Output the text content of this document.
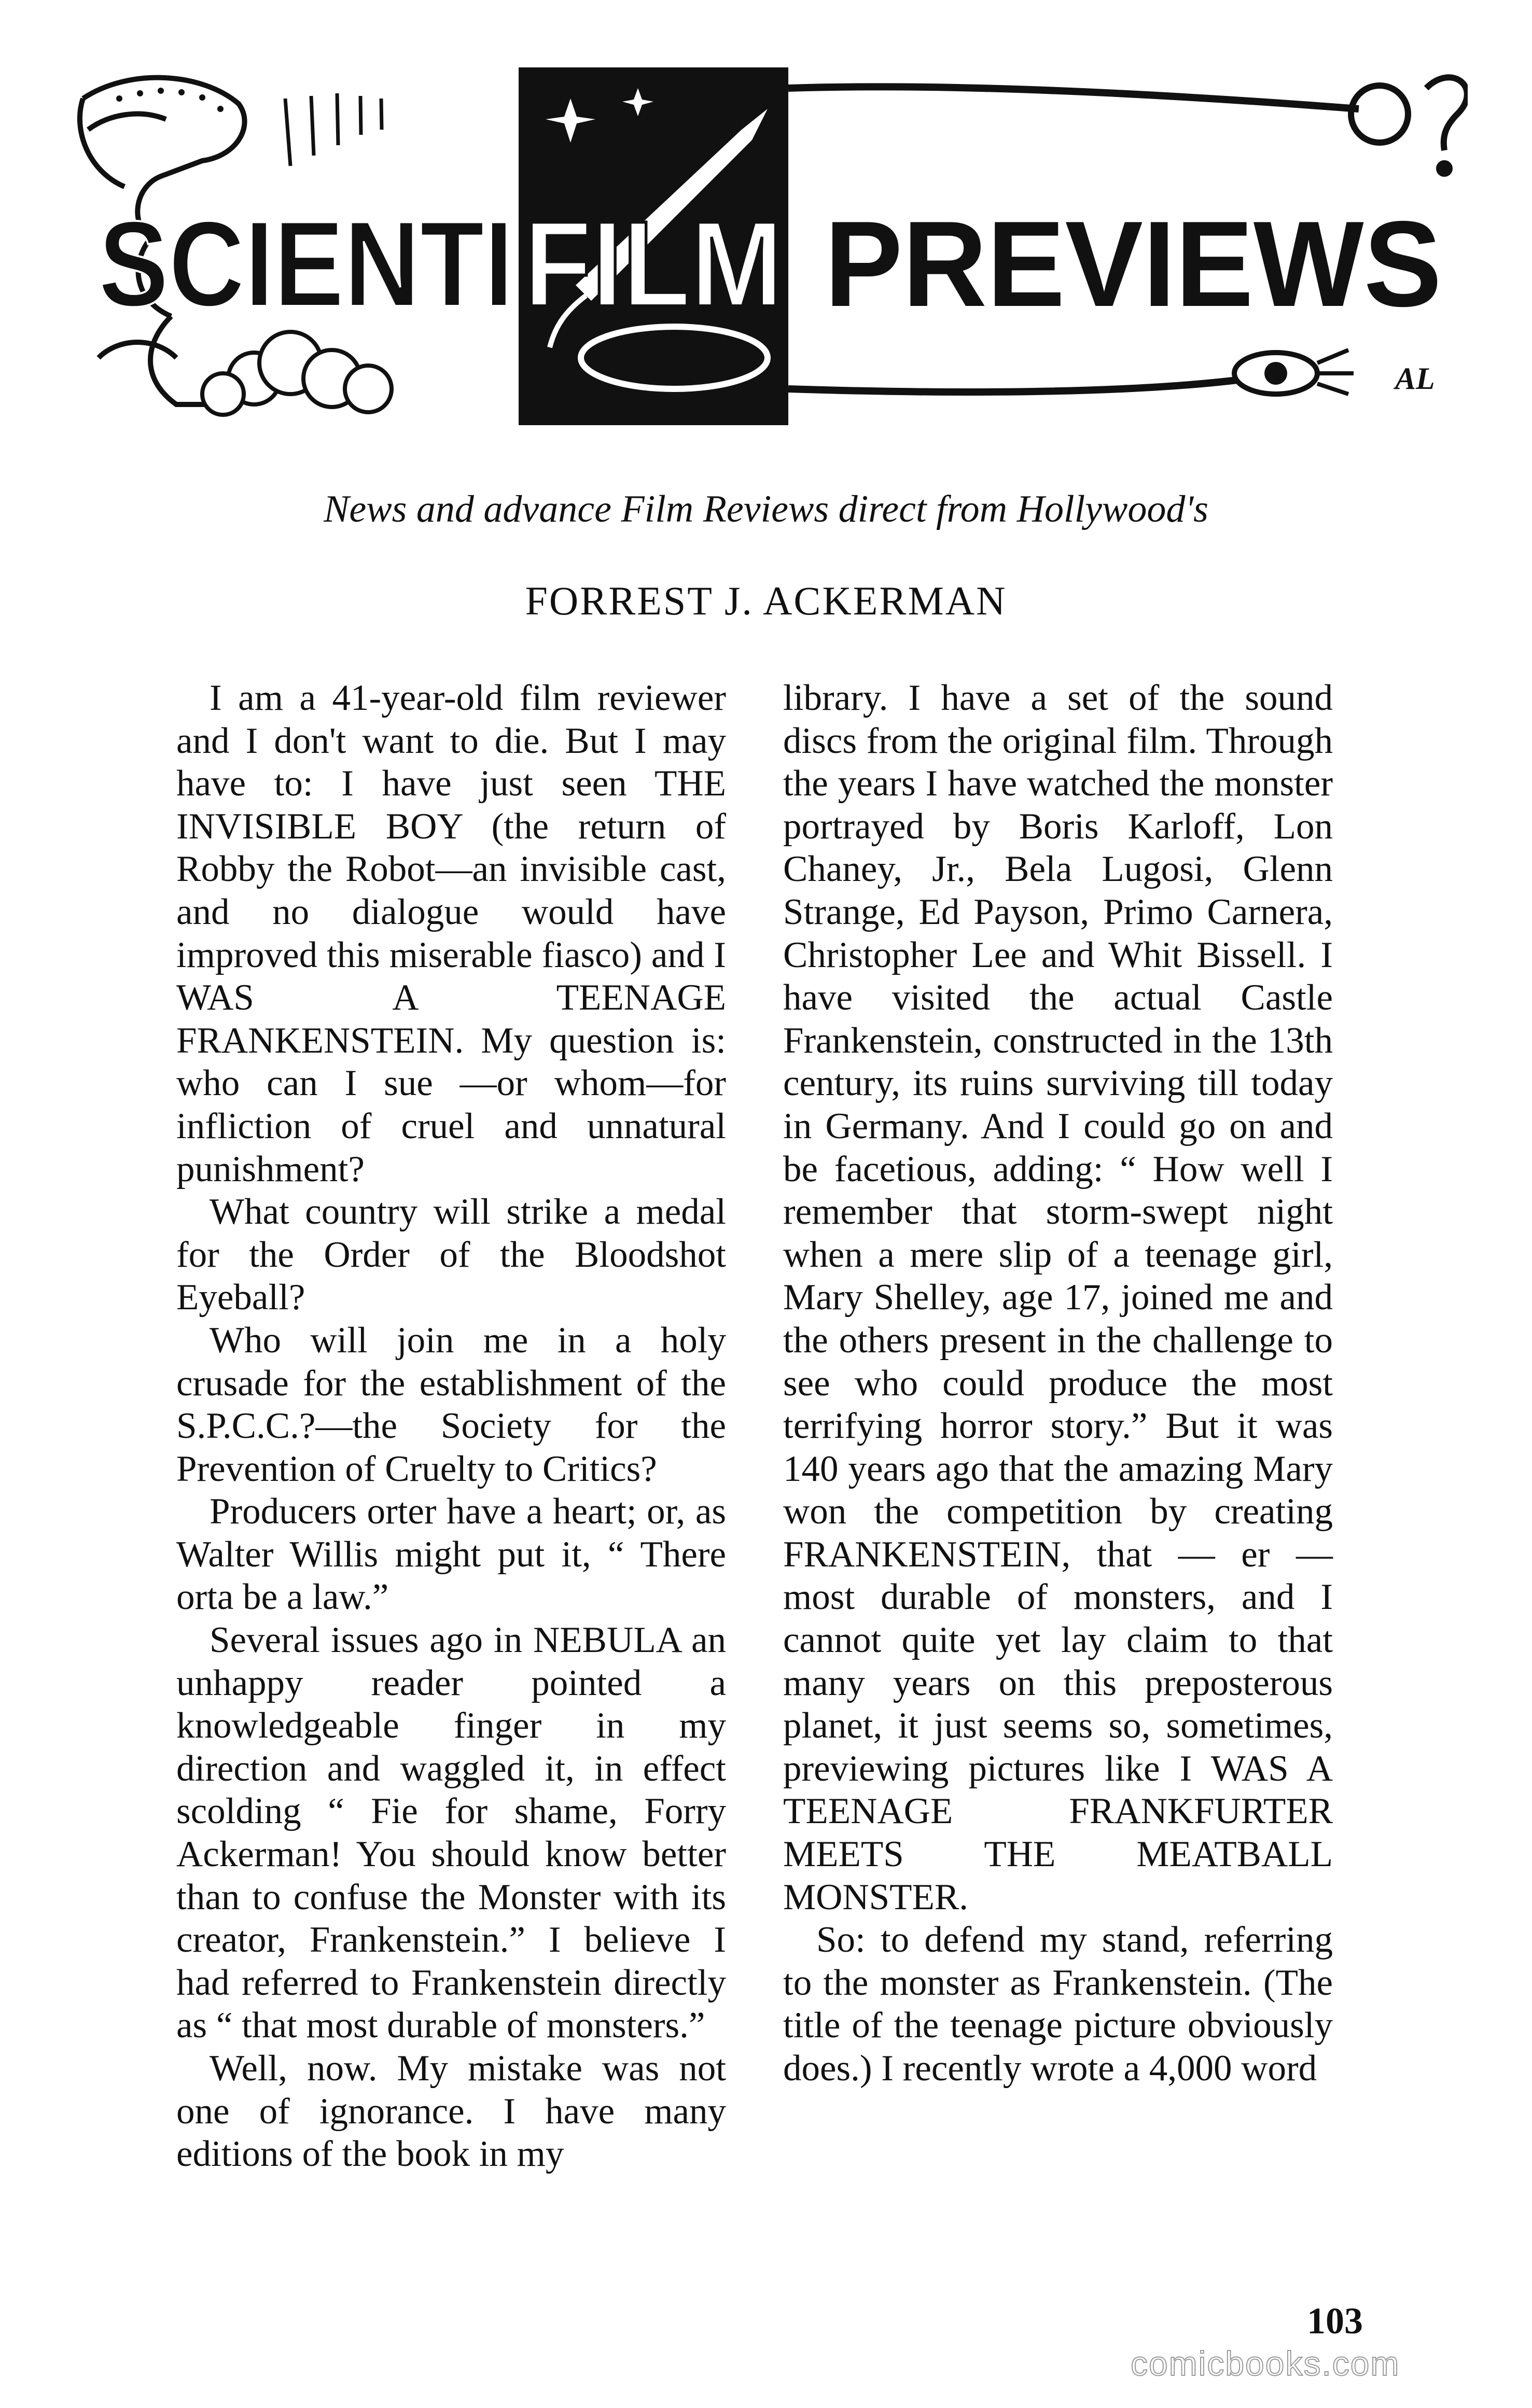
AL
SCIENTI FILM PREVIEWS

News and advance Film Reviews direct from Hollywood's

FORREST J. ACKERMAN

I am a 41-year-old film reviewer and I don't want to die. But I may have to: I have just seen THE INVISIBLE BOY (the return of Robby the Robot—an invisible cast, and no dialogue would have improved this miserable fiasco) and I WAS A TEENAGE FRANKENSTEIN. My question is: who can I sue —or whom—for infliction of cruel and unnatural punishment?

What country will strike a medal for the Order of the Bloodshot Eyeball?

Who will join me in a holy crusade for the establishment of the S.P.C.C.?—the Society for the Prevention of Cruelty to Critics?

Producers orter have a heart; or, as Walter Willis might put it, “ There orta be a law.”

Several issues ago in NEBULA an unhappy reader pointed a knowledgeable finger in my direction and waggled it, in effect scolding “ Fie for shame, Forry Ackerman! You should know better than to confuse the Monster with its creator, Frankenstein.” I believe I had referred to Frankenstein directly as “ that most durable of monsters.”

Well, now. My mistake was not one of ignorance. I have many editions of the book in my

library. I have a set of the sound discs from the original film. Through the years I have watched the monster portrayed by Boris Karloff, Lon Chaney, Jr., Bela Lugosi, Glenn Strange, Ed Payson, Primo Carnera, Christopher Lee and Whit Bissell. I have visited the actual Castle Frankenstein, constructed in the 13th century, its ruins surviving till today in Germany. And I could go on and be facetious, adding: “ How well I remember that storm-swept night when a mere slip of a teenage girl, Mary Shelley, age 17, joined me and the others present in the challenge to see who could produce the most terrifying horror story.” But it was 140 years ago that the amazing Mary won the competition by creating FRANKENSTEIN, that — er — most durable of monsters, and I cannot quite yet lay claim to that many years on this preposterous planet, it just seems so, sometimes, previewing pictures like I WAS A TEENAGE FRANKFURTER MEETS THE MEATBALL MONSTER.

So: to defend my stand, referring to the monster as Frankenstein. (The title of the teenage picture obviously does.) I recently wrote a 4,000 word

103

comicbooks.com
